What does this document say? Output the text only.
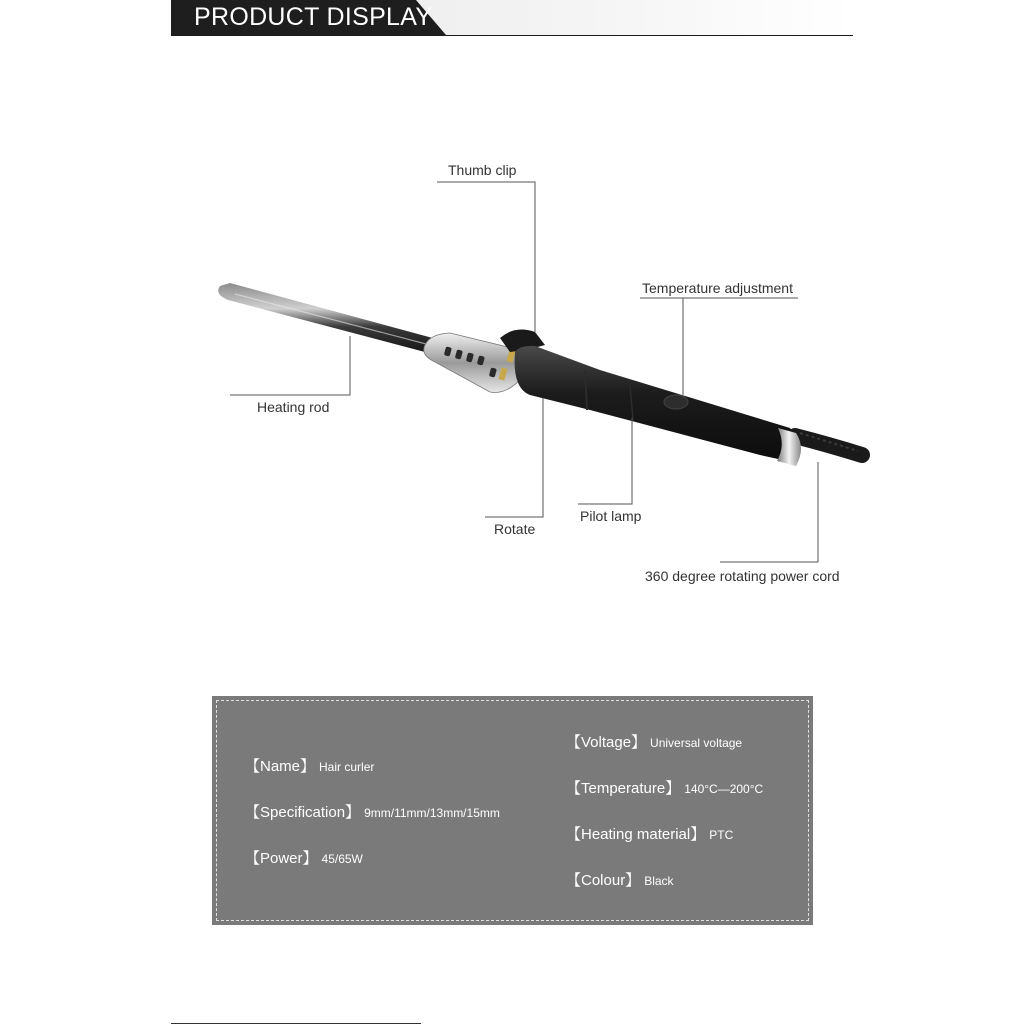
PRODUCT DISPLAY
Thumb clip
Temperature adjustment
Heating rod
Rotate
Pilot lamp
360 degree rotating power cord
【Name】 Hair curler
【Specification】 9mm/11mm/13mm/15mm
【Power】 45/65W
【Voltage】 Universal voltage
【Temperature】 140°C—200°C
【Heating material】 PTC
【Colour】 Black
